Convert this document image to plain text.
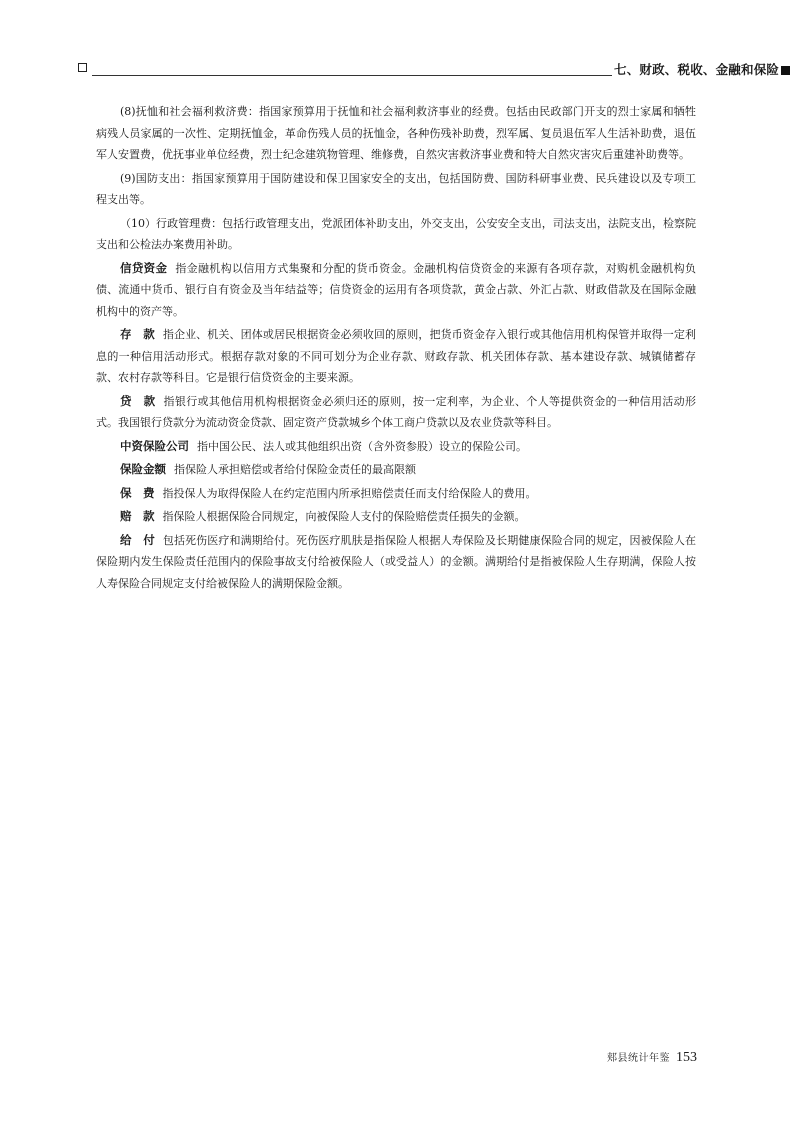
七、财政、税收、金融和保险

(8)抚恤和社会福利救济费：指国家预算用于抚恤和社会福利救济事业的经费。包括由民政部门开支的烈士家属和牺牲病残人员家属的一次性、定期抚恤金，革命伤残人员的抚恤金，各种伤残补助费，烈军属、复员退伍军人生活补助费，退伍军人安置费，优抚事业单位经费，烈士纪念建筑物管理、维修费，自然灾害救济事业费和特大自然灾害灾后重建补助费等。

(9)国防支出：指国家预算用于国防建设和保卫国家安全的支出，包括国防费、国防科研事业费、民兵建设以及专项工程支出等。

（10）行政管理费：包括行政管理支出，党派团体补助支出，外交支出，公安安全支出，司法支出，法院支出，检察院支出和公检法办案费用补助。

信贷资金 指金融机构以信用方式集聚和分配的货币资金。金融机构信贷资金的来源有各项存款，对购机金融机构负债、流通中货币、银行自有资金及当年结益等；信贷资金的运用有各项贷款，黄金占款、外汇占款、财政借款及在国际金融机构中的资产等。

存　款 指企业、机关、团体或居民根据资金必须收回的原则，把货币资金存入银行或其他信用机构保管并取得一定利息的一种信用活动形式。根据存款对象的不同可划分为企业存款、财政存款、机关团体存款、基本建设存款、城镇储蓄存款、农村存款等科目。它是银行信贷资金的主要来源。

贷　款 指银行或其他信用机构根据资金必须归还的原则，按一定利率，为企业、个人等提供资金的一种信用活动形式。我国银行贷款分为流动资金贷款、固定资产贷款城乡个体工商户贷款以及农业贷款等科目。

中资保险公司 指中国公民、法人或其他组织出资（含外资参股）设立的保险公司。

保险金额 指保险人承担赔偿或者给付保险金责任的最高限额

保　费 指投保人为取得保险人在约定范围内所承担赔偿责任而支付给保险人的费用。

赔　款 指保险人根据保险合同规定，向被保险人支付的保险赔偿责任损失的金额。

给　付 包括死伤医疗和满期给付。死伤医疗肌肤是指保险人根据人寿保险及长期健康保险合同的规定，因被保险人在保险期内发生保险责任范围内的保险事故支付给被保险人（或受益人）的金额。满期给付是指被保险人生存期满，保险人按人寿保险合同规定支付给被保险人的满期保险金额。

郏县统计年鉴 153
